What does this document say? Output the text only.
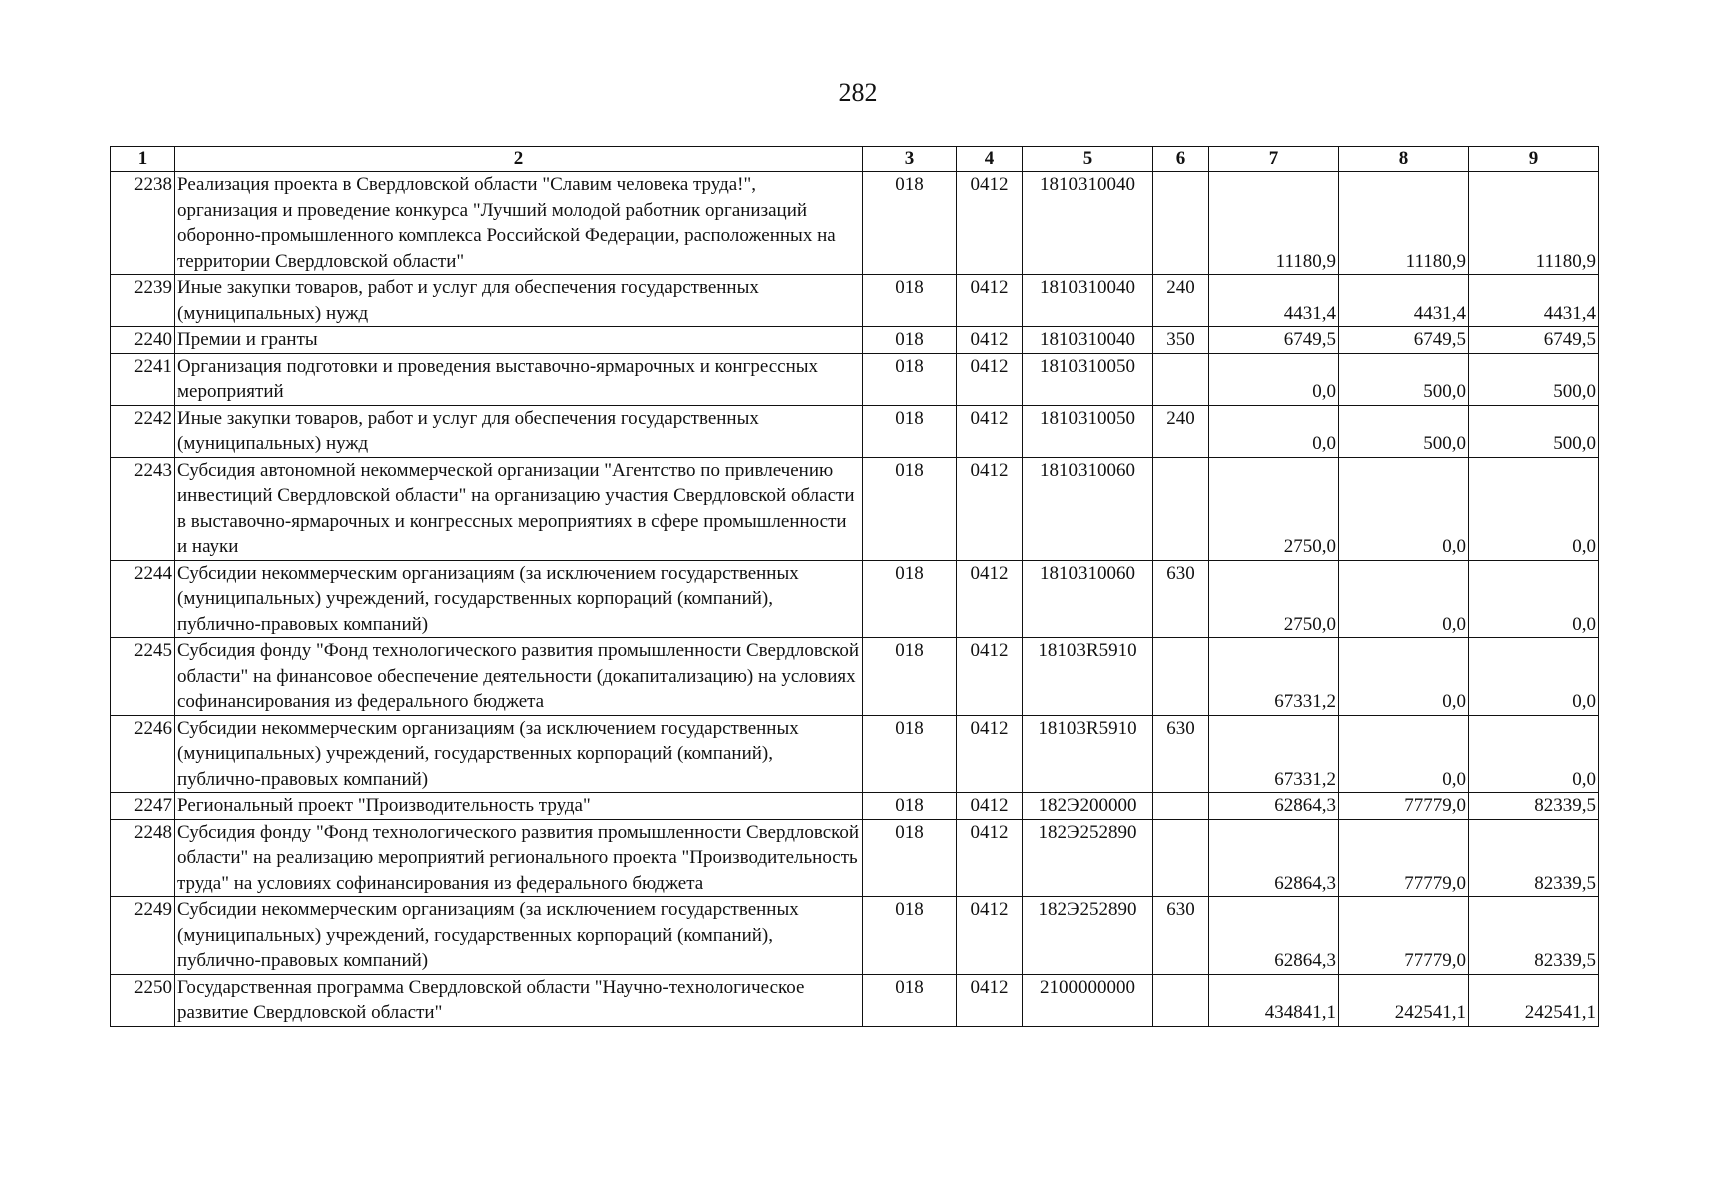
282
1	2	3	4	5	6	7	8	9
2238	Реализация проекта в Свердловской области "Славим человека труда!", организация и проведение конкурса "Лучший молодой работник организаций оборонно-промышленного комплекса Российской Федерации, расположенных на территории Свердловской области"	018	0412	1810310040		11180,9	11180,9	11180,9
2239	Иные закупки товаров, работ и услуг для обеспечения государственных (муниципальных) нужд	018	0412	1810310040	240	4431,4	4431,4	4431,4
2240	Премии и гранты	018	0412	1810310040	350	6749,5	6749,5	6749,5
2241	Организация подготовки и проведения выставочно-ярмарочных и конгрессных мероприятий	018	0412	1810310050		0,0	500,0	500,0
2242	Иные закупки товаров, работ и услуг для обеспечения государственных (муниципальных) нужд	018	0412	1810310050	240	0,0	500,0	500,0
2243	Субсидия автономной некоммерческой организации "Агентство по привлечению инвестиций Свердловской области" на организацию участия Свердловской области в выставочно-ярмарочных и конгрессных мероприятиях в сфере промышленности и науки	018	0412	1810310060		2750,0	0,0	0,0
2244	Субсидии некоммерческим организациям (за исключением государственных (муниципальных) учреждений, государственных корпораций (компаний), публично-правовых компаний)	018	0412	1810310060	630	2750,0	0,0	0,0
2245	Субсидия фонду "Фонд технологического развития промышленности Свердловской области" на финансовое обеспечение деятельности (докапитализацию) на условиях софинансирования из федерального бюджета	018	0412	18103R5910		67331,2	0,0	0,0
2246	Субсидии некоммерческим организациям (за исключением государственных (муниципальных) учреждений, государственных корпораций (компаний), публично-правовых компаний)	018	0412	18103R5910	630	67331,2	0,0	0,0
2247	Региональный проект "Производительность труда"	018	0412	182Э200000		62864,3	77779,0	82339,5
2248	Субсидия фонду "Фонд технологического развития промышленности Свердловской области" на реализацию мероприятий регионального проекта "Производительность труда" на условиях софинансирования из федерального бюджета	018	0412	182Э252890		62864,3	77779,0	82339,5
2249	Субсидии некоммерческим организациям (за исключением государственных (муниципальных) учреждений, государственных корпораций (компаний), публично-правовых компаний)	018	0412	182Э252890	630	62864,3	77779,0	82339,5
2250	Государственная программа Свердловской области "Научно-технологическое развитие Свердловской области"	018	0412	2100000000		434841,1	242541,1	242541,1
